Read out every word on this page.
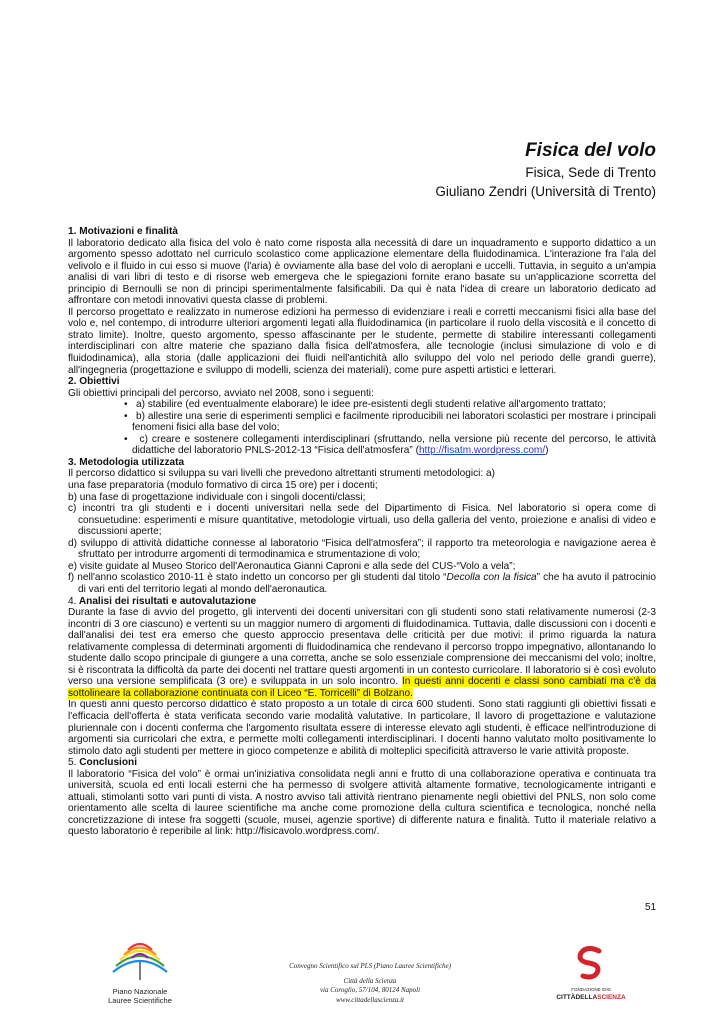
Fisica del volo
Fisica, Sede di Trento
Giuliano Zendri (Università di Trento)

1. Motivazioni e finalità

Il laboratorio dedicato alla fisica del volo è nato come risposta alla necessità di dare un inquadramento e supporto didattico a un argomento spesso adottato nel curriculo scolastico come applicazione elementare della fluidodinamica. L'interazione fra l'ala del velivolo e il fluido in cui esso si muove (l'aria) è ovviamente alla base del volo di aeroplani e uccelli. Tuttavia, in seguito a un'ampia analisi di vari libri di testo e di risorse web emergeva che le spiegazioni fornite erano basate su un'applicazione scorretta del principio di Bernoulli se non di principi sperimentalmente falsificabili. Da qui è nata l'idea di creare un laboratorio dedicato ad affrontare con metodi innovativi questa classe di problemi.

Il percorso progettato e realizzato in numerose edizioni ha permesso di evidenziare i reali e corretti meccanismi fisici alla base del volo e, nel contempo, di introdurre ulteriori argomenti legati alla fluidodinamica (in particolare il ruolo della viscosità e il concetto di strato limite). Inoltre, questo argomento, spesso affascinante per le studente, permette di stabilire interessanti collegamenti interdisciplinari con altre materie che spaziano dalla fisica dell'atmosfera, alle tecnologie (inclusi simulazione di volo e di fluidodinamica), alla storia (dalle applicazioni dei fluidi nell'antichità allo sviluppo del volo nel periodo delle grandi guerre), all'ingegneria (progettazione e sviluppo di modelli, scienza dei materiali), come pure aspetti artistici e letterari.

2. Obiettivi

Gli obiettivi principali del percorso, avviato nel 2008, sono i seguenti:

• a) stabilire (ed eventualmente elaborare) le idee pre-esistenti degli studenti relative all'argomento trattato;

• b) allestire una serie di esperimenti semplici e facilmente riproducibili nei laboratori scolastici per mostrare i principali fenomeni fisici alla base del volo;

• c) creare e sostenere collegamenti interdisciplinari (sfruttando, nella versione più recente del percorso, le attività didattiche del laboratorio PNLS-2012-13 “Fisica dell'atmosfera” (http://fisatm.wordpress.com/)

3. Metodologia utilizzata

Il percorso didattico si sviluppa su vari livelli che prevedono altrettanti strumenti metodologici: a)

una fase preparatoria (modulo formativo di circa 15 ore) per i docenti;

b) una fase di progettazione individuale con i singoli docenti/classi;

c) incontri tra gli studenti e i docenti universitari nella sede del Dipartimento di Fisica. Nel laboratorio si opera come di consuetudine: esperimenti e misure quantitative, metodologie virtuali, uso della galleria del vento, proiezione e analisi di video e discussioni aperte;

d) sviluppo di attività didattiche connesse al laboratorio “Fisica dell'atmosfera”; il rapporto tra meteorologia e navigazione aerea è sfruttato per introdurre argomenti di termodinamica e strumentazione di volo;

e) visite guidate al Museo Storico dell'Aeronautica Gianni Caproni e alla sede del CUS-“Volo a vela”;

f) nell'anno scolastico 2010-11 è stato indetto un concorso per gli studenti dal titolo “Decolla con la fisica” che ha avuto il patrocinio di vari enti del territorio legati al mondo dell'aeronautica.

4. Analisi dei risultati e autovalutazione

Durante la fase di avvio del progetto, gli interventi dei docenti universitari con gli studenti sono stati relativamente numerosi (2-3 incontri di 3 ore ciascuno) e vertenti su un maggior numero di argomenti di fluidodinamica. Tuttavia, dalle discussioni con i docenti e dall'analisi dei test era emerso che questo approccio presentava delle criticità per due motivi: il primo riguarda la natura relativamente complessa di determinati argomenti di fluidodinamica che rendevano il percorso troppo impegnativo, allontanando lo studente dallo scopo principale di giungere a una corretta, anche se solo essenziale comprensione dei meccanismi del volo; inoltre, si è riscontrata la difficoltà da parte dei docenti nel trattare questi argomenti in un contesto curricolare. Il laboratorio si è così evoluto verso una versione semplificata (3 ore) e sviluppata in un solo incontro. In questi anni docenti e classi sono cambiati ma c'è da sottolineare la collaborazione continuata con il Liceo “E. Torricelli” di Bolzano.

In questi anni questo percorso didattico è stato proposto a un totale di circa 600 studenti. Sono stati raggiunti gli obiettivi fissati e l'efficacia dell'offerta è stata verificata secondo varie modalità valutative. In particolare, Il lavoro di progettazione e valutazione pluriennale con i docenti conferma che l'argomento risultata essere di interesse elevato agli studenti, è efficace nell'introduzione di argomenti sia curricolari che extra, e permette molti collegamenti interdisciplinari. I docenti hanno valutato molto positivamente lo stimolo dato agli studenti per mettere in gioco competenze e abilità di molteplici specificità attraverso le varie attività proposte.

5. Conclusioni

Il laboratorio “Fisica del volo” è ormai un'iniziativa consolidata negli anni e frutto di una collaborazione operativa e continuata tra università, scuola ed enti locali esterni che ha permesso di svolgere attività altamente formative, tecnologicamente intriganti e attuali, stimolanti sotto vari punti di vista. A nostro avviso tali attività rientrano pienamente negli obiettivi del PNLS, non solo come orientamento alle scelta di lauree scientifiche ma anche come promozione della cultura scientifica e tecnologica, nonché nella concretizzazione di intese fra soggetti (scuole, musei, agenzie sportive) di differente natura e finalità. Tutto il materiale relativo a questo laboratorio è reperibile al link: http://fisicavolo.wordpress.com/.

51
Piano Nazionale
Lauree Scientifiche
Convegno Scientifico sul PLS (Piano Lauree Scientifiche)
Città della Scienza
via Coroglio, 57/104, 80124 Napoli
www.cittadellascienza.it
FONDAZIONE IDIS
CITTÀDELLASCIENZA
